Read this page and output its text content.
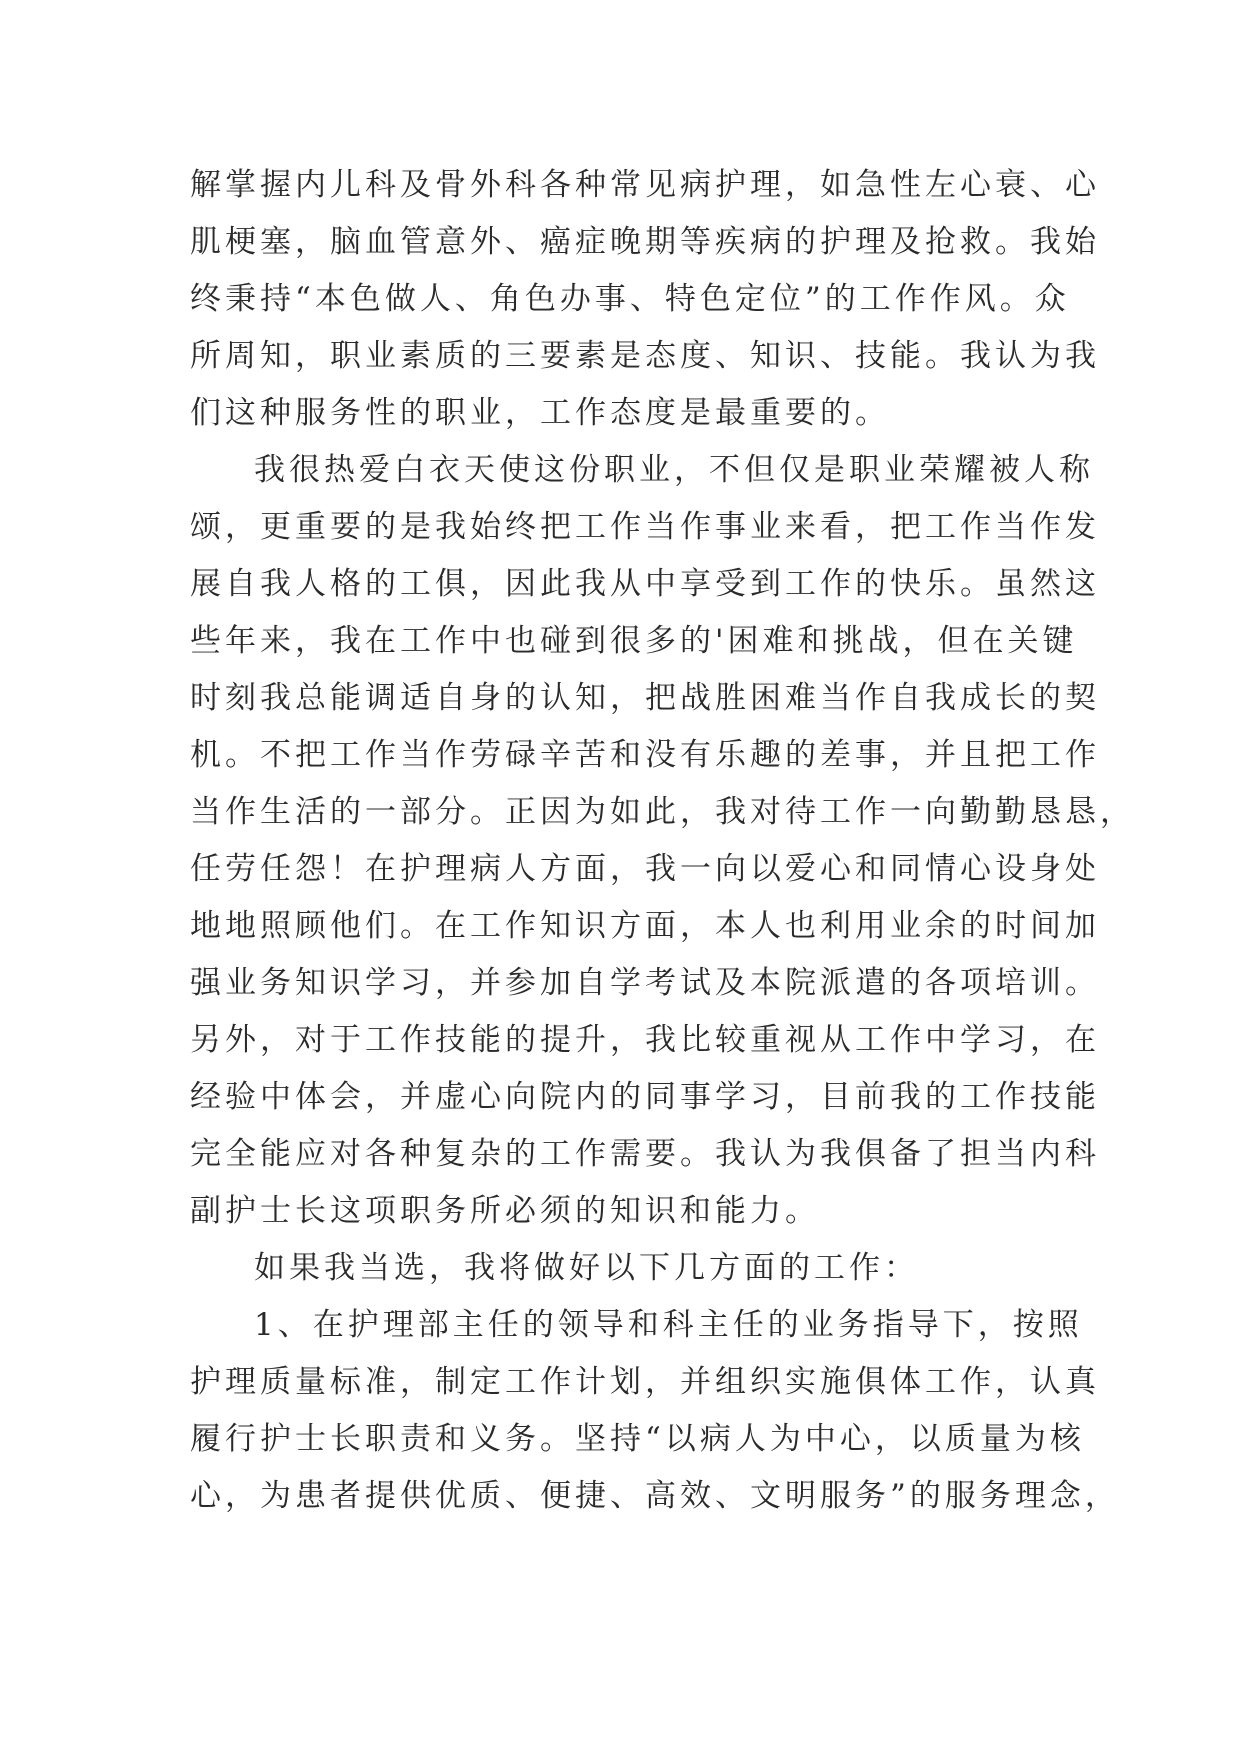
解掌握内儿科及骨外科各种常见病护理，如急性左心衰、心
肌梗塞，脑血管意外、癌症晚期等疾病的护理及抢救。我始
终秉持“本色做人、角色办事、特色定位”的工作作风。众
所周知，职业素质的三要素是态度、知识、技能。我认为我
们这种服务性的职业，工作态度是最重要的。
我很热爱白衣天使这份职业，不但仅是职业荣耀被人称
颂，更重要的是我始终把工作当作事业来看，把工作当作发
展自我人格的工俱，因此我从中享受到工作的快乐。虽然这
些年来，我在工作中也碰到很多的'困难和挑战，但在关键
时刻我总能调适自身的认知，把战胜困难当作自我成长的契
机。不把工作当作劳碌辛苦和没有乐趣的差事，并且把工作
当作生活的一部分。正因为如此，我对待工作一向勤勤恳恳，
任劳任怨！在护理病人方面，我一向以爱心和同情心设身处
地地照顾他们。在工作知识方面，本人也利用业余的时间加
强业务知识学习，并参加自学考试及本院派遣的各项培训。
另外，对于工作技能的提升，我比较重视从工作中学习，在
经验中体会，并虚心向院内的同事学习，目前我的工作技能
完全能应对各种复杂的工作需要。我认为我俱备了担当内科
副护士长这项职务所必须的知识和能力。
如果我当选，我将做好以下几方面的工作：
1、在护理部主任的领导和科主任的业务指导下，按照
护理质量标准，制定工作计划，并组织实施俱体工作，认真
履行护士长职责和义务。坚持“以病人为中心，以质量为核
心，为患者提供优质、便捷、高效、文明服务”的服务理念，
